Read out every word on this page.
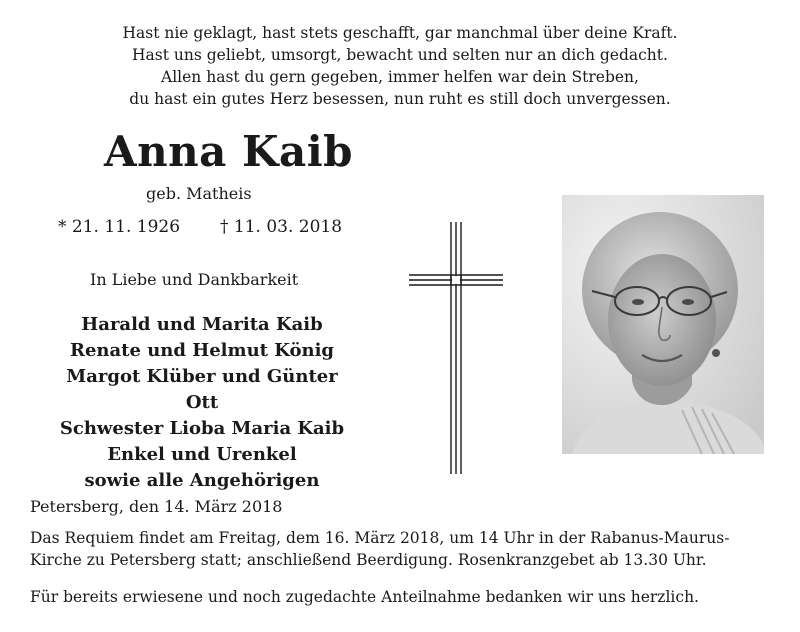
Hast nie geklagt, hast stets geschafft, gar manchmal über deine Kraft.
Hast uns geliebt, umsorgt, bewacht und selten nur an dich gedacht.
Allen hast du gern gegeben, immer helfen war dein Streben,
du hast ein gutes Herz besessen, nun ruht es still doch unvergessen.
Anna Kaib
geb. Matheis
* 21. 11. 1926 † 11. 03. 2018
In Liebe und Dankbarkeit
Harald und Marita Kaib
Renate und Helmut König
Margot Klüber und Günter Ott
Schwester Lioba Maria Kaib
Enkel und Urenkel
sowie alle Angehörigen
Petersberg, den 14. März 2018
Das Requiem findet am Freitag, dem 16. März 2018, um 14 Uhr in der Rabanus-Maurus-
Kirche zu Petersberg statt; anschließend Beerdigung. Rosenkranzgebet ab 13.30 Uhr.
Für bereits erwiesene und noch zugedachte Anteilnahme bedanken wir uns herzlich.
